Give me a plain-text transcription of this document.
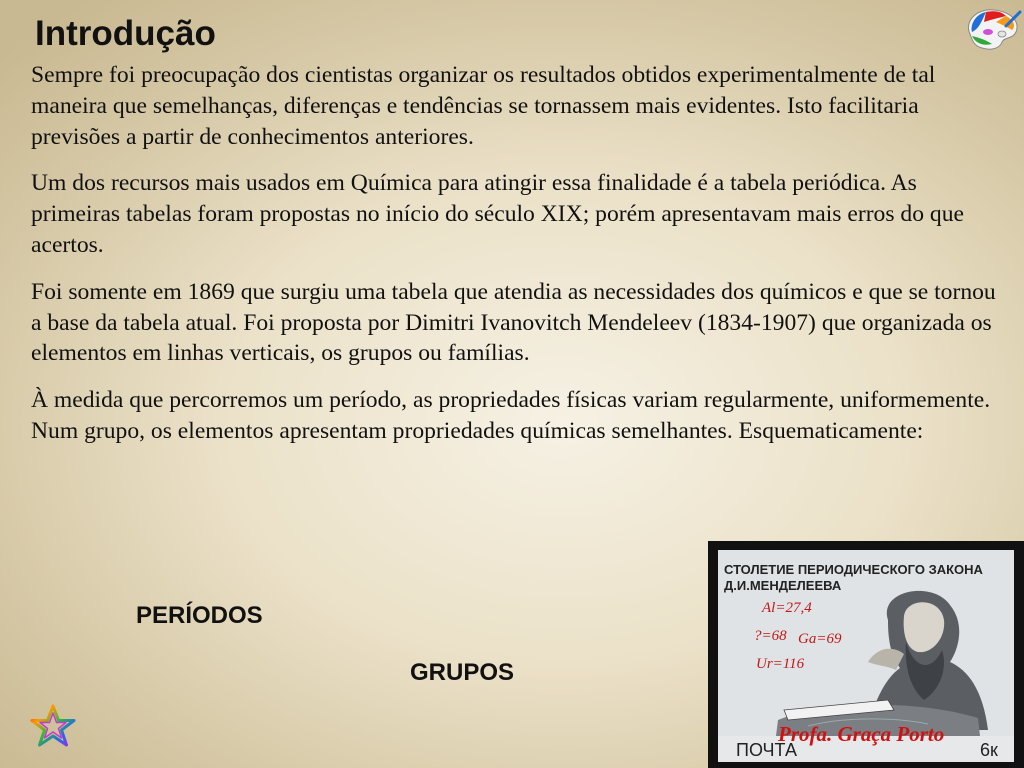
Introdução

Sempre foi preocupação dos cientistas organizar os resultados obtidos experimentalmente de tal maneira que semelhanças, diferenças e tendências se tornassem mais evidentes. Isto facilitaria previsões a partir de conhecimentos anteriores.

Um dos recursos mais usados em Química para atingir essa finalidade é a tabela periódica. As primeiras tabelas foram propostas no início do século XIX; porém apresentavam mais erros do que acertos.

Foi somente em 1869 que surgiu uma tabela que atendia as necessidades dos químicos e que se tornou a base da tabela atual. Foi proposta por Dimitri Ivanovitch Mendeleev (1834-1907) que organizada os elementos em linhas verticais, os grupos ou famílias.

À medida que percorremos um período, as propriedades físicas variam regularmente, uniformemente. Num grupo, os elementos apresentam propriedades químicas semelhantes. Esquematicamente:

PERÍODOS
GRUPOS
СТОЛЕТИЕ ПЕРИОДИЧЕСКОГО ЗАКОНА
Д.И.МЕНДЕЛЕЕВА
Al=27,4
?=68 Ga=69
Ur=116
ПОЧТА	6к
Profa. Graça Porto
